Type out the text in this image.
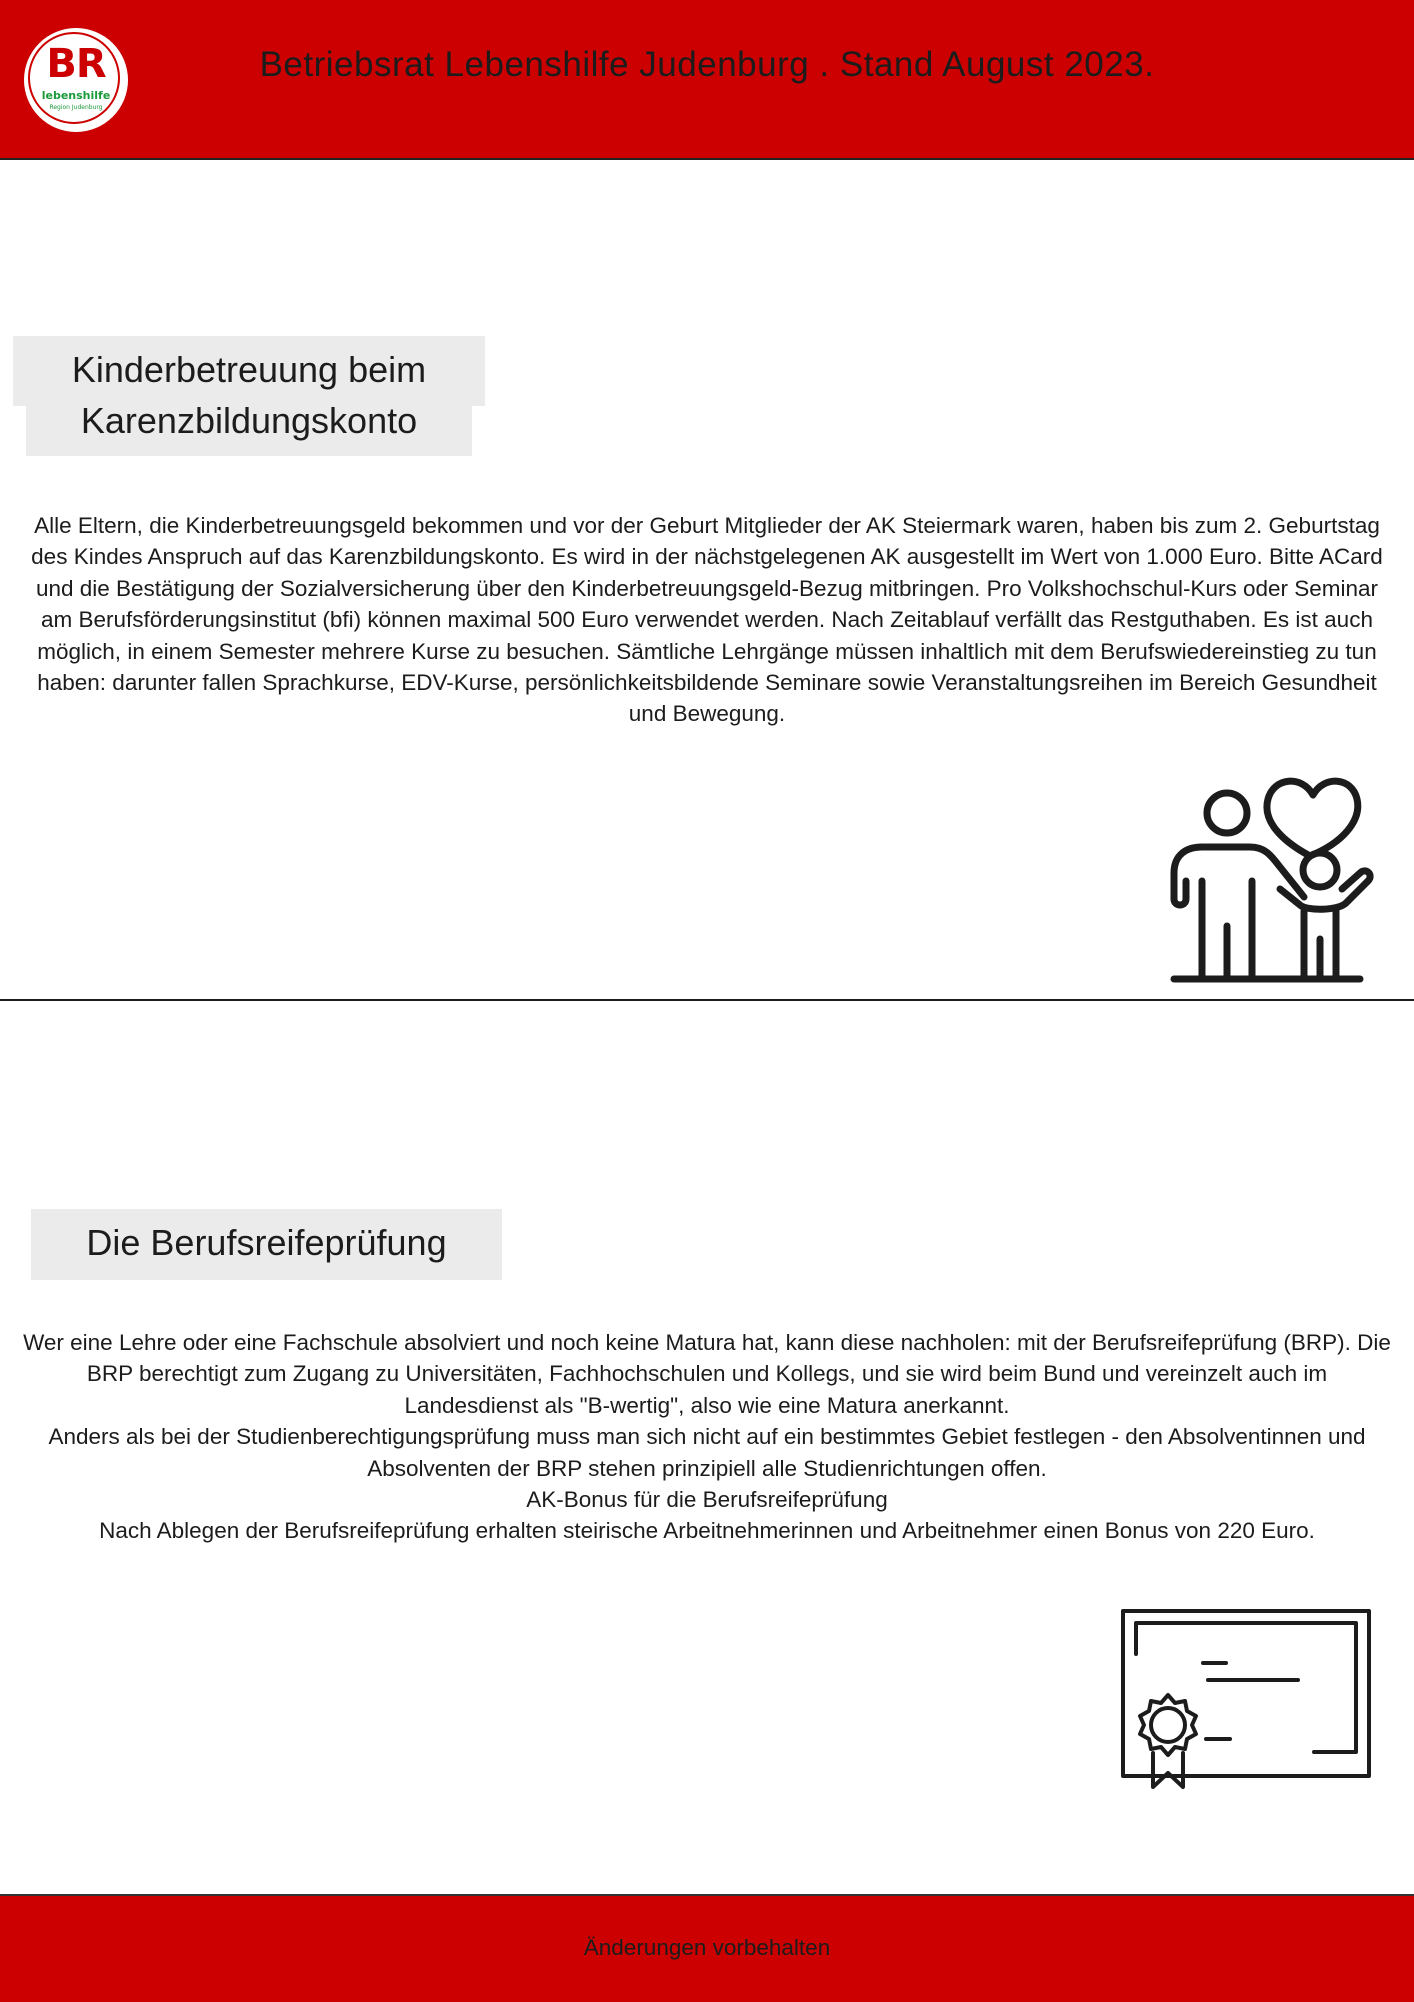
BR
lebenshilfe
Region Judenburg
Betriebsrat Lebenshilfe Judenburg . Stand August 2023.
Kinderbetreuung beim
Karenzbildungskonto

Alle Eltern, die Kinderbetreuungsgeld bekommen und vor der Geburt Mitglieder der AK Steiermark waren, haben bis zum 2. Geburtstag des Kindes Anspruch auf das Karenzbildungskonto. Es wird in der nächstgelegenen AK ausgestellt im Wert von 1.000 Euro. Bitte ACard und die Bestätigung der Sozialversicherung über den Kinderbetreuungsgeld-Bezug mitbringen. Pro Volkshochschul-Kurs oder Seminar am Berufsförderungsinstitut (bfi) können maximal 500 Euro verwendet werden. Nach Zeitablauf verfällt das Restguthaben. Es ist auch möglich, in einem Semester mehrere Kurse zu besuchen. Sämtliche Lehrgänge müssen inhaltlich mit dem Berufswiedereinstieg zu tun haben: darunter fallen Sprachkurse, EDV-Kurse, persönlichkeitsbildende Seminare sowie Veranstaltungsreihen im Bereich Gesundheit und Bewegung.

Die Berufsreifeprüfung

Wer eine Lehre oder eine Fachschule absolviert und noch keine Matura hat, kann diese nachholen: mit der Berufsreifeprüfung (BRP). Die BRP berechtigt zum Zugang zu Universitäten, Fachhochschulen und Kollegs, und sie wird beim Bund und vereinzelt auch im Landesdienst als "B-wertig", also wie eine Matura anerkannt.

Anders als bei der Studienberechtigungsprüfung muss man sich nicht auf ein bestimmtes Gebiet festlegen - den Absolventinnen und Absolventen der BRP stehen prinzipiell alle Studienrichtungen offen.

AK-Bonus für die Berufsreifeprüfung

Nach Ablegen der Berufsreifeprüfung erhalten steirische Arbeitnehmerinnen und Arbeitnehmer einen Bonus von 220 Euro.

Änderungen vorbehalten
